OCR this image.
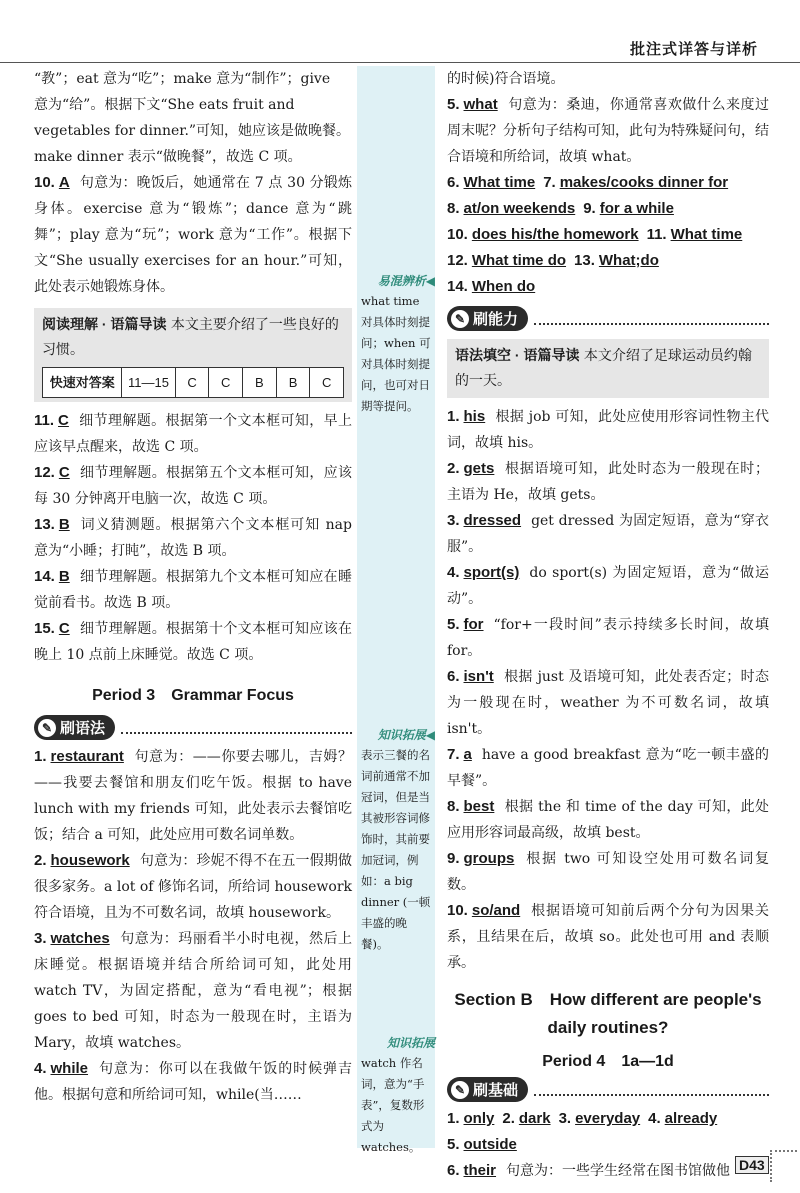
批注式详答与详析

“教”；eat 意为“吃”；make 意为“制作”；give

意为“给”。根据下文“She eats fruit and

vegetables for dinner.”可知，她应该是做晚餐。

make dinner 表示“做晚餐”，故选 C 项。

10. A 句意为：晚饭后，她通常在 7 点 30 分锻炼身体。exercise 意为“锻炼”；dance 意为“跳舞”；play 意为“玩”；work 意为“工作”。根据下文“She usually exercises for an hour.”可知，此处表示她锻炼身体。

阅读理解 · 语篇导读 本文主要介绍了一些良好的习惯。
快速对答案	11—15	C	C	B	B	C

11. C 细节理解题。根据第一个文本框可知，早上应该早点醒来，故选 C 项。

12. C 细节理解题。根据第五个文本框可知，应该每 30 分钟离开电脑一次，故选 C 项。

13. B 词义猜测题。根据第六个文本框可知 nap 意为“小睡；打盹”，故选 B 项。

14. B 细节理解题。根据第九个文本框可知应在睡觉前看书。故选 B 项。

15. C 细节理解题。根据第十个文本框可知应该在晚上 10 点前上床睡觉。故选 C 项。

Period 3　Grammar Focus
✎ 刷语法

1. restaurant 句意为：——你要去哪儿，吉姆？——我要去餐馆和朋友们吃午饭。根据 to have lunch with my friends 可知，此处表示去餐馆吃饭；结合 a 可知，此处应用可数名词单数。

2. housework 句意为：珍妮不得不在五一假期做很多家务。a lot of 修饰名词，所给词 housework 符合语境，且为不可数名词，故填 housework。

3. watches 句意为：玛丽看半小时电视，然后上床睡觉。根据语境并结合所给词可知，此处用 watch TV，为固定搭配，意为“看电视”；根据 goes to bed 可知，时态为一般现在时，主语为 Mary，故填 watches。

4. while 句意为：你可以在我做午饭的时候弹吉他。根据句意和所给词可知，while(当……

易混辨析◀
what time 对具体时刻提问；when 可对具体时刻提问，也可对日期等提问。
知识拓展◀
表示三餐的名词前通常不加冠词，但是当其被形容词修饰时，其前要加冠词，例如：a big dinner (一顿丰盛的晚餐)。
知识拓展
watch 作名词，意为“手表”，复数形式为 watches。

的时候)符合语境。

5. what 句意为：桑迪，你通常喜欢做什么来度过周末呢？分析句子结构可知，此句为特殊疑问句，结合语境和所给词，故填 what。

6. What time 7. makes/cooks dinner for

8. at/on weekends 9. for a while

10. does his/the homework 11. What time

12. What time do 13. What;do

14. When do

✎ 刷能力
语法填空 · 语篇导读 本文介绍了足球运动员约翰的一天。

1. his 根据 job 可知，此处应使用形容词性物主代词，故填 his。

2. gets 根据语境可知，此处时态为一般现在时；主语为 He，故填 gets。

3. dressed get dressed 为固定短语，意为“穿衣服”。

4. sport(s) do sport(s) 为固定短语，意为“做运动”。

5. for “for+一段时间”表示持续多长时间，故填 for。

6. isn't 根据 just 及语境可知，此处表否定；时态为一般现在时，weather 为不可数名词，故填 isn't。

7. a have a good breakfast 意为“吃一顿丰盛的早餐”。

8. best 根据 the 和 time of the day 可知，此处应用形容词最高级，故填 best。

9. groups 根据 two 可知设空处用可数名词复数。

10. so/and 根据语境可知前后两个分句为因果关系，且结果在后，故填 so。此处也可用 and 表顺承。

Section B　How different are people's daily routines?
Period 4　1a—1d
✎ 刷基础

1. only 2. dark 3. everyday 4. already

5. outside

6. their 句意为：一些学生经常在图书馆做他 D43
